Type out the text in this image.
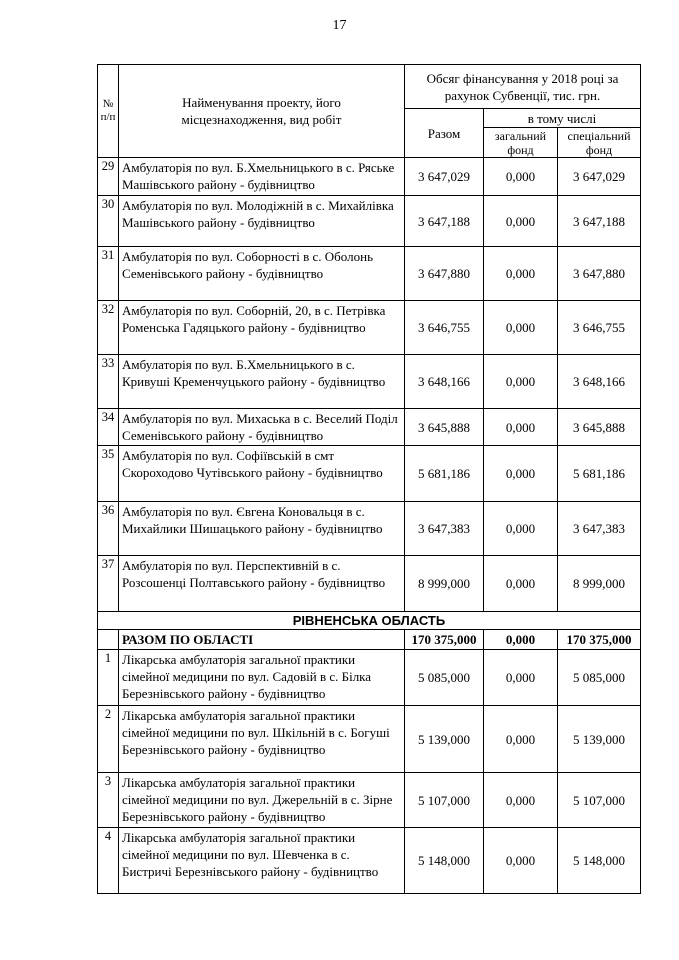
17
№
п/п	Найменування проекту, його місцезнаходження, вид робіт	Обсяг фінансування у 2018 році за рахунок Субвенції, тис. грн.		
		Разом	в тому числі	
			загальний фонд	спеціальний фонд
29	Амбулаторія по вул. Б.Хмельницького в с. Ряське Машівського району - будівництво	3 647,029	0,000	3 647,029
30	Амбулаторія по вул. Молодіжній в с. Михайлівка Машівського району - будівництво	3 647,188	0,000	3 647,188
31	Амбулаторія по вул. Соборності в с. Оболонь Семенівського району - будівництво	3 647,880	0,000	3 647,880
32	Амбулаторія по вул. Соборній, 20, в с. Петрівка Роменська Гадяцького району - будівництво	3 646,755	0,000	3 646,755
33	Амбулаторія по вул. Б.Хмельницького в с. Кривуші Кременчуцького району - будівництво	3 648,166	0,000	3 648,166
34	Амбулаторія по вул. Михаська в с. Веселий Поділ Семенівського району - будівництво	3 645,888	0,000	3 645,888
35	Амбулаторія по вул. Софіївській в смт Скороходово Чутівського району - будівництво	5 681,186	0,000	5 681,186
36	Амбулаторія по вул. Євгена Коновальця в с. Михайлики Шишацького району - будівництво	3 647,383	0,000	3 647,383
37	Амбулаторія по вул. Перспективній в с. Розсошенці Полтавського району - будівництво	8 999,000	0,000	8 999,000
РІВНЕНСЬКА ОБЛАСТЬ				
	РАЗОМ ПО ОБЛАСТІ	170 375,000	0,000	170 375,000
1	Лікарська амбулаторія загальної практики сімейної медицини по вул. Садовій в с. Білка Березнівського району - будівництво	5 085,000	0,000	5 085,000
2	Лікарська амбулаторія загальної практики сімейної медицини по вул. Шкільній в с. Богуші Березнівського району - будівництво	5 139,000	0,000	5 139,000
3	Лікарська амбулаторія загальної практики сімейної медицини по вул. Джерельній в с. Зірне Березнівського району - будівництво	5 107,000	0,000	5 107,000
4	Лікарська амбулаторія загальної практики сімейної медицини по вул. Шевченка в с. Бистричі Березнівського району - будівництво	5 148,000	0,000	5 148,000
